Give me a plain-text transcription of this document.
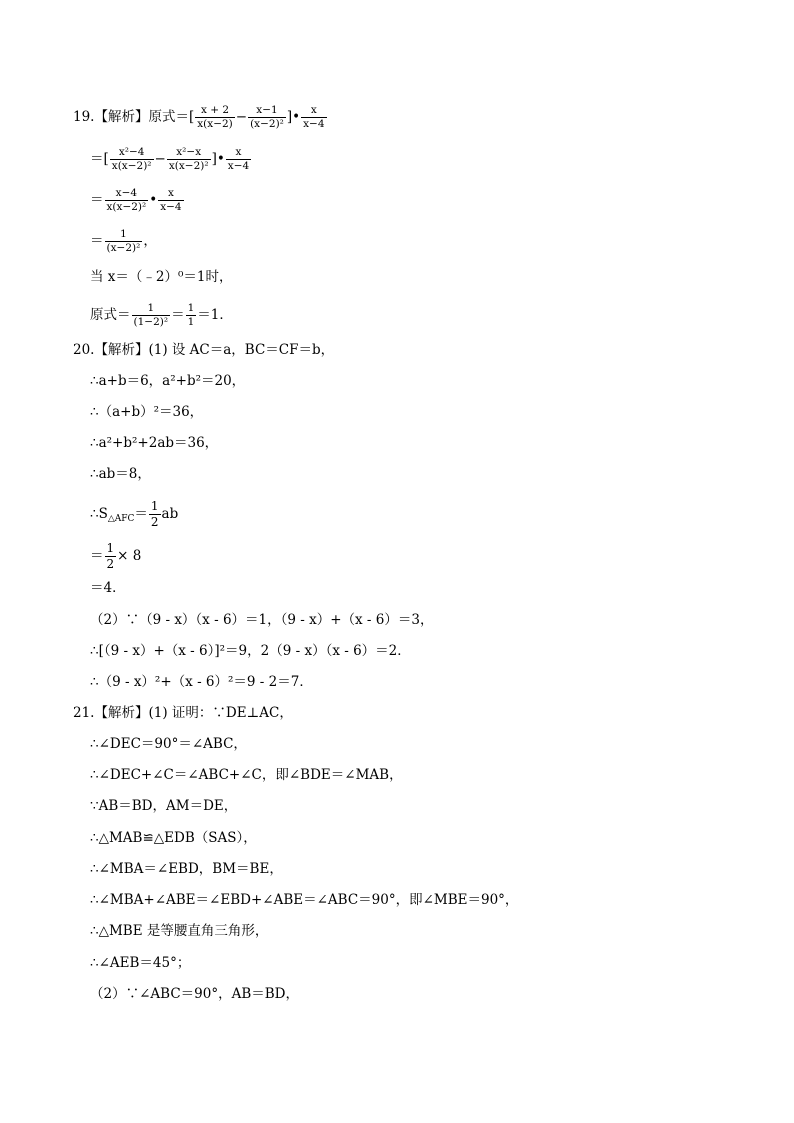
19.【解析】原式＝[ $\frac{x + 2}{x(x-2)} - \frac{x-1}{\text{(x−2)²}}$ ]• $\frac{x}{x-4}$
＝[ $\frac{\text{x²−4}}{\text{x(x−2)²}} - \frac{\text{x²−x}}{\text{x(x−2)²}}$ ]• $\frac{x}{x-4}$
＝ $\frac{x-4}{\text{x(x−2)²}}$ • $\frac{x}{x-4}$
＝ $\frac{1}{\text{(x−2)²}}$ ，
当 x＝（﹣2）⁰＝1时，
原式＝ $\frac{1}{\text{(1−2)²}} = \frac{1}{1} =1$．
20.【解析】(1) 设 AC＝a，BC＝CF＝b，
∴a+b＝6，a²+b²＝20，
∴（a+b）²＝36，
∴a²+b²+2ab＝36，
∴ab＝8，
$\therefore S_{\triangle AFC}= \frac{1}{2}$ ab
＝ $\frac{1}{2} \times 8$
＝4．
（2）∵（9 - x）（x - 6）＝1，（9 - x）+（x - 6）＝3，
∴[（9 - x）+（x - 6）]²＝9，2（9 - x）（x - 6）＝2．
∴（9 - x）²+（x - 6）²＝9 - 2＝7．
21.【解析】(1) 证明：∵DE⊥AC，
∴∠DEC＝90°＝∠ABC，
∴∠DEC+∠C＝∠ABC+∠C，即∠BDE＝∠MAB，
∵AB＝BD，AM＝DE，
∴△MAB≌△EDB（SAS），
∴∠MBA＝∠EBD，BM＝BE，
∴∠MBA+∠ABE＝∠EBD+∠ABE＝∠ABC＝90°，即∠MBE＝90°，
∴△MBE 是等腰直角三角形，
∴∠AEB＝45°；
（2）∵∠ABC＝90°，AB＝BD，
